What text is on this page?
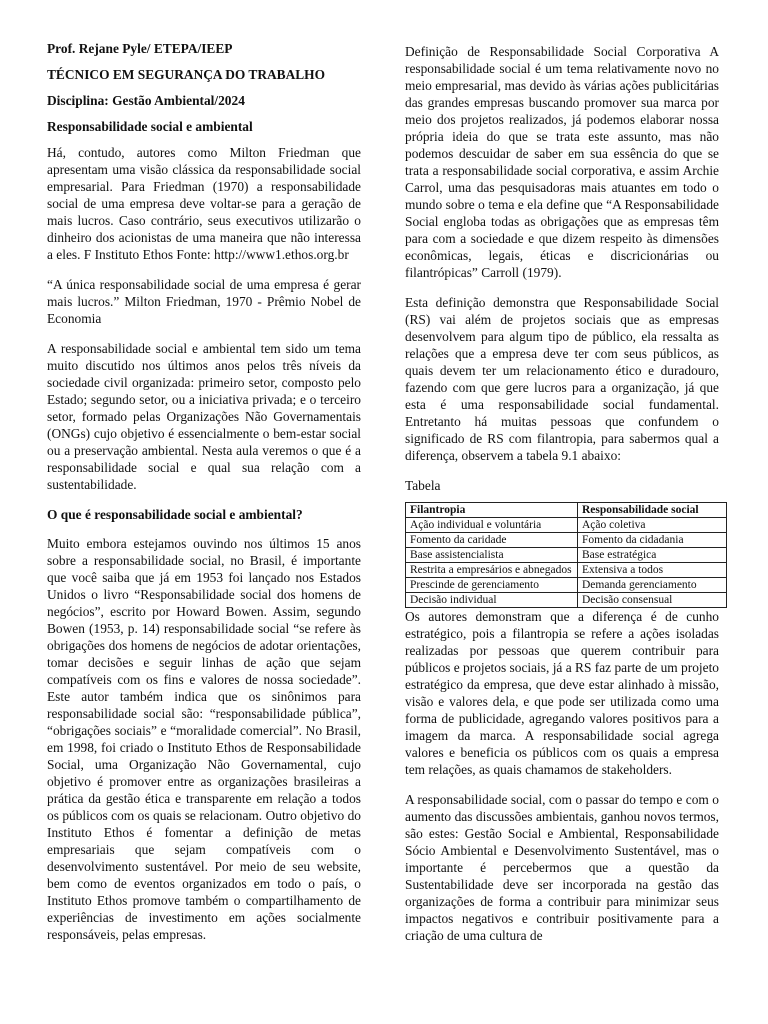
Prof. Rejane Pyle/ ETEPA/IEEP
TÉCNICO EM SEGURANÇA DO TRABALHO
Disciplina: Gestão Ambiental/2024
Responsabilidade social e ambiental

Há, contudo, autores como Milton Friedman que apresentam uma visão clássica da responsabilidade social empresarial. Para Friedman (1970) a responsabilidade social de uma empresa deve voltar-se para a geração de mais lucros. Caso contrário, seus executivos utilizarão o dinheiro dos acionistas de uma maneira que não interessa a eles. F Instituto Ethos Fonte: http://www1.ethos.org.br

“A única responsabilidade social de uma empresa é gerar mais lucros.” Milton Friedman, 1970 - Prêmio Nobel de Economia

A responsabilidade social e ambiental tem sido um tema muito discutido nos últimos anos pelos três níveis da sociedade civil organizada: primeiro setor, composto pelo Estado; segundo setor, ou a iniciativa privada; e o terceiro setor, formado pelas Organizações Não Governamentais (ONGs) cujo objetivo é essencialmente o bem-estar social ou a preservação ambiental. Nesta aula veremos o que é a responsabilidade social e qual sua relação com a sustentabilidade.

O que é responsabilidade social e ambiental?

Muito embora estejamos ouvindo nos últimos 15 anos sobre a responsabilidade social, no Brasil, é importante que você saiba que já em 1953 foi lançado nos Estados Unidos o livro “Responsabilidade social dos homens de negócios”, escrito por Howard Bowen. Assim, segundo Bowen (1953, p. 14) responsabilidade social “se refere às obrigações dos homens de negócios de adotar orientações, tomar decisões e seguir linhas de ação que sejam compatíveis com os fins e valores de nossa sociedade”. Este autor também indica que os sinônimos para responsabilidade social são: “responsabilidade pública”, “obrigações sociais” e “moralidade comercial”. No Brasil, em 1998, foi criado o Instituto Ethos de Responsabilidade Social, uma Organização Não Governamental, cujo objetivo é promover entre as organizações brasileiras a prática da gestão ética e transparente em relação a todos os públicos com os quais se relacionam. Outro objetivo do Instituto Ethos é fomentar a definição de metas empresariais que sejam compatíveis com o desenvolvimento sustentável. Por meio de seu website, bem como de eventos organizados em todo o país, o Instituto Ethos promove também o compartilhamento de experiências de investimento em ações socialmente responsáveis, pelas empresas.

Definição de Responsabilidade Social Corporativa A responsabilidade social é um tema relativamente novo no meio empresarial, mas devido às várias ações publicitárias das grandes empresas buscando promover sua marca por meio dos projetos realizados, já podemos elaborar nossa própria ideia do que se trata este assunto, mas não podemos descuidar de saber em sua essência do que se trata a responsabilidade social corporativa, e assim Archie Carrol, uma das pesquisadoras mais atuantes em todo o mundo sobre o tema e ela define que “A Responsabilidade Social engloba todas as obrigações que as empresas têm para com a sociedade e que dizem respeito às dimensões econômicas, legais, éticas e discricionárias ou filantrópicas” Carroll (1979).

Esta definição demonstra que Responsabilidade Social (RS) vai além de projetos sociais que as empresas desenvolvem para algum tipo de público, ela ressalta as relações que a empresa deve ter com seus públicos, as quais devem ter um relacionamento ético e duradouro, fazendo com que gere lucros para a organização, já que esta é uma responsabilidade social fundamental. Entretanto há muitas pessoas que confundem o significado de RS com filantropia, para sabermos qual a diferença, observem a tabela 9.1 abaixo:

Tabela

Filantropia	Responsabilidade social
Ação individual e voluntária	Ação coletiva
Fomento da caridade	Fomento da cidadania
Base assistencialista	Base estratégica
Restrita a empresários e abnegados	Extensiva a todos
Prescinde de gerenciamento	Demanda gerenciamento
Decisão individual	Decisão consensual

Os autores demonstram que a diferença é de cunho estratégico, pois a filantropia se refere a ações isoladas realizadas por pessoas que querem contribuir para públicos e projetos sociais, já a RS faz parte de um projeto estratégico da empresa, que deve estar alinhado à missão, visão e valores dela, e que pode ser utilizada como uma forma de publicidade, agregando valores positivos para a imagem da marca. A responsabilidade social agrega valores e beneficia os públicos com os quais a empresa tem relações, as quais chamamos de stakeholders.

A responsabilidade social, com o passar do tempo e com o aumento das discussões ambientais, ganhou novos termos, são estes: Gestão Social e Ambiental, Responsabilidade Sócio Ambiental e Desenvolvimento Sustentável, mas o importante é percebermos que a questão da Sustentabilidade deve ser incorporada na gestão das organizações de forma a contribuir para minimizar seus impactos negativos e contribuir positivamente para a criação de uma cultura de
